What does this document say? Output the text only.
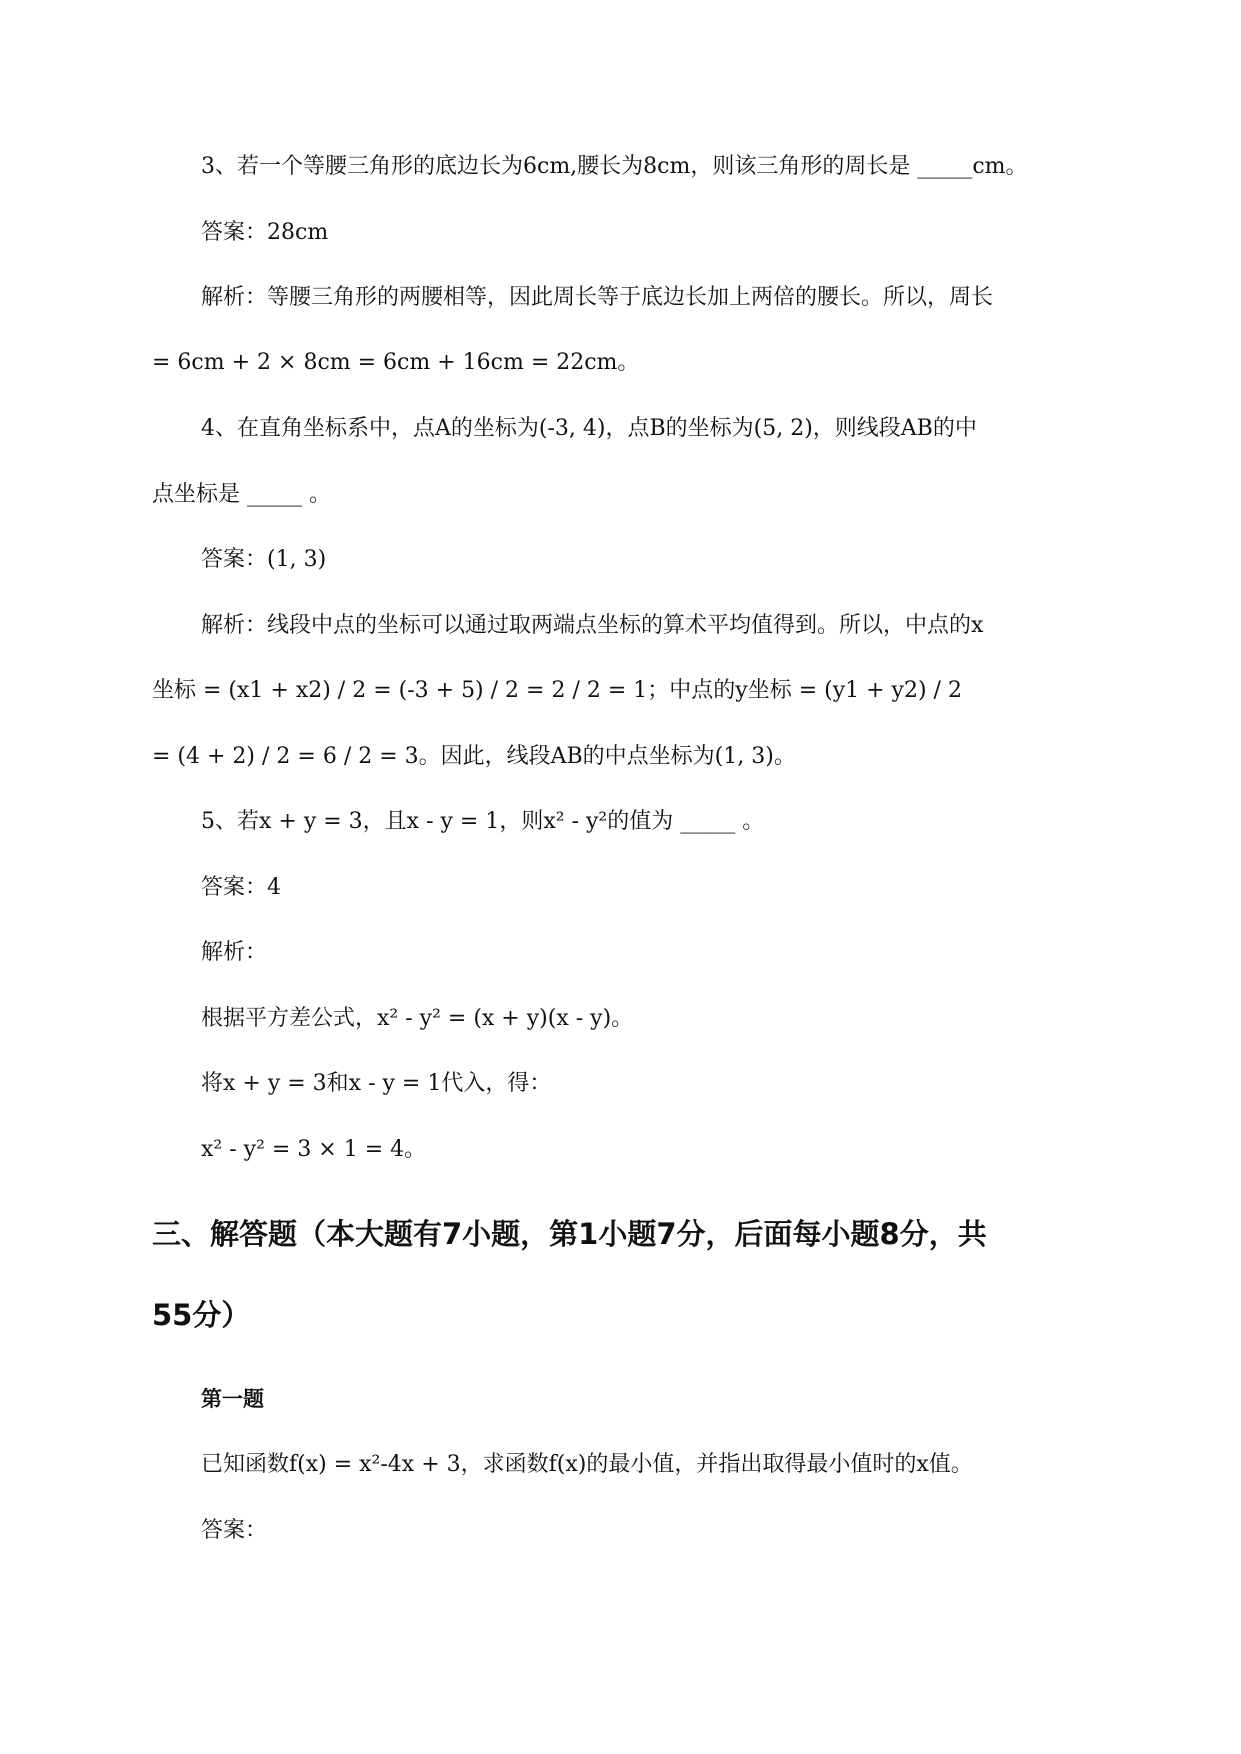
3、若一个等腰三角形的底边长为6cm,腰长为8cm，则该三角形的周长是 _____cm。
答案：28cm
解析：等腰三角形的两腰相等，因此周长等于底边长加上两倍的腰长。所以，周长
= 6cm + 2 × 8cm = 6cm + 16cm = 22cm。
4、在直角坐标系中，点A的坐标为(-3, 4)，点B的坐标为(5, 2)，则线段AB的中
点坐标是 _____ 。
答案：(1, 3)
解析：线段中点的坐标可以通过取两端点坐标的算术平均值得到。所以，中点的x
坐标 = (x1 + x2) / 2 = (-3 + 5) / 2 = 2 / 2 = 1；中点的y坐标 = (y1 + y2) / 2
= (4 + 2) / 2 = 6 / 2 = 3。因此，线段AB的中点坐标为(1, 3)。
5、若x + y = 3，且x - y = 1，则x² - y²的值为 _____ 。
答案：4
解析：
根据平方差公式，x² - y² = (x + y)(x - y)。
将x + y = 3和x - y = 1代入，得：
x² - y² = 3 × 1 = 4。
三、解答题（本大题有7小题，第1小题7分，后面每小题8分，共
55分）
第一题
已知函数f(x) = x²-4x + 3，求函数f(x)的最小值，并指出取得最小值时的x值。
答案：
